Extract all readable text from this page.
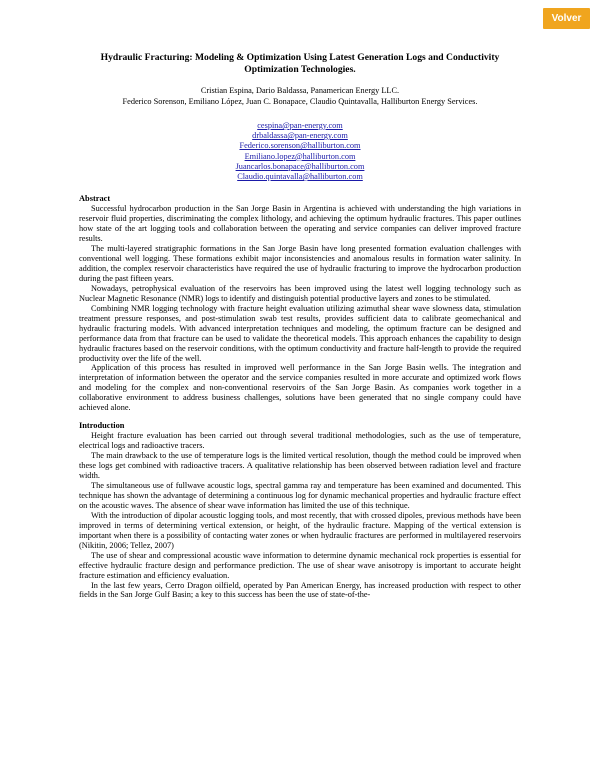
Volver
Hydraulic Fracturing: Modeling & Optimization Using Latest Generation Logs and Conductivity Optimization Technologies.
Cristian Espina, Dario Baldassa, Panamerican Energy LLC.
Federico Sorenson, Emiliano López, Juan C. Bonapace, Claudio Quintavalla, Halliburton Energy Services.
cespina@pan-energy.com
drbaldassa@pan-energy.com
Federico.sorenson@halliburton.com
Emiliano.lopez@halliburton.com
Juancarlos.bonapace@halliburton.com
Claudio.quintavalla@halliburton.com
Abstract

Successful hydrocarbon production in the San Jorge Basin in Argentina is achieved with understanding the high variations in reservoir fluid properties, discriminating the complex lithology, and achieving the optimum hydraulic fractures. This paper outlines how state of the art logging tools and collaboration between the operating and service companies can deliver improved fracture results.

The multi-layered stratigraphic formations in the San Jorge Basin have long presented formation evaluation challenges with conventional well logging. These formations exhibit major inconsistencies and anomalous results in formation water salinity. In addition, the complex reservoir characteristics have required the use of hydraulic fracturing to improve the hydrocarbon production during the past fifteen years.

Nowadays, petrophysical evaluation of the reservoirs has been improved using the latest well logging technology such as Nuclear Magnetic Resonance (NMR) logs to identify and distinguish potential productive layers and zones to be stimulated.

Combining NMR logging technology with fracture height evaluation utilizing azimuthal shear wave slowness data, stimulation treatment pressure responses, and post-stimulation swab test results, provides sufficient data to calibrate geomechanical and hydraulic fracturing models. With advanced interpretation techniques and modeling, the optimum fracture can be designed and performance data from that fracture can be used to validate the theoretical models. This approach enhances the capability to design hydraulic fractures based on the reservoir conditions, with the optimum conductivity and fracture half-length to provide the required productivity over the life of the well.

Application of this process has resulted in improved well performance in the San Jorge Basin wells. The integration and interpretation of information between the operator and the service companies resulted in more accurate and optimized work flows and modeling for the complex and non-conventional reservoirs of the San Jorge Basin. As companies work together in a collaborative environment to address business challenges, solutions have been generated that no single company could have achieved alone.

Introduction

Height fracture evaluation has been carried out through several traditional methodologies, such as the use of temperature, electrical logs and radioactive tracers.

The main drawback to the use of temperature logs is the limited vertical resolution, though the method could be improved when these logs get combined with radioactive tracers. A qualitative relationship has been observed between radiation level and fracture width.

The simultaneous use of fullwave acoustic logs, spectral gamma ray and temperature has been examined and documented. This technique has shown the advantage of determining a continuous log for dynamic mechanical properties and hydraulic fracture effect on the acoustic waves. The absence of shear wave information has limited the use of this technique.

With the introduction of dipolar acoustic logging tools, and most recently, that with crossed dipoles, previous methods have been improved in terms of determining vertical extension, or height, of the hydraulic fracture. Mapping of the vertical extension is important when there is a possibility of contacting water zones or when hydraulic fractures are performed in multilayered reservoirs (Nikitin, 2006; Tellez, 2007)

The use of shear and compressional acoustic wave information to determine dynamic mechanical rock properties is essential for effective hydraulic fracture design and performance prediction. The use of shear wave anisotropy is important to accurate height fracture estimation and efficiency evaluation.

In the last few years, Cerro Dragon oilfield, operated by Pan American Energy, has increased production with respect to other fields in the San Jorge Gulf Basin; a key to this success has been the use of state-of-the-
